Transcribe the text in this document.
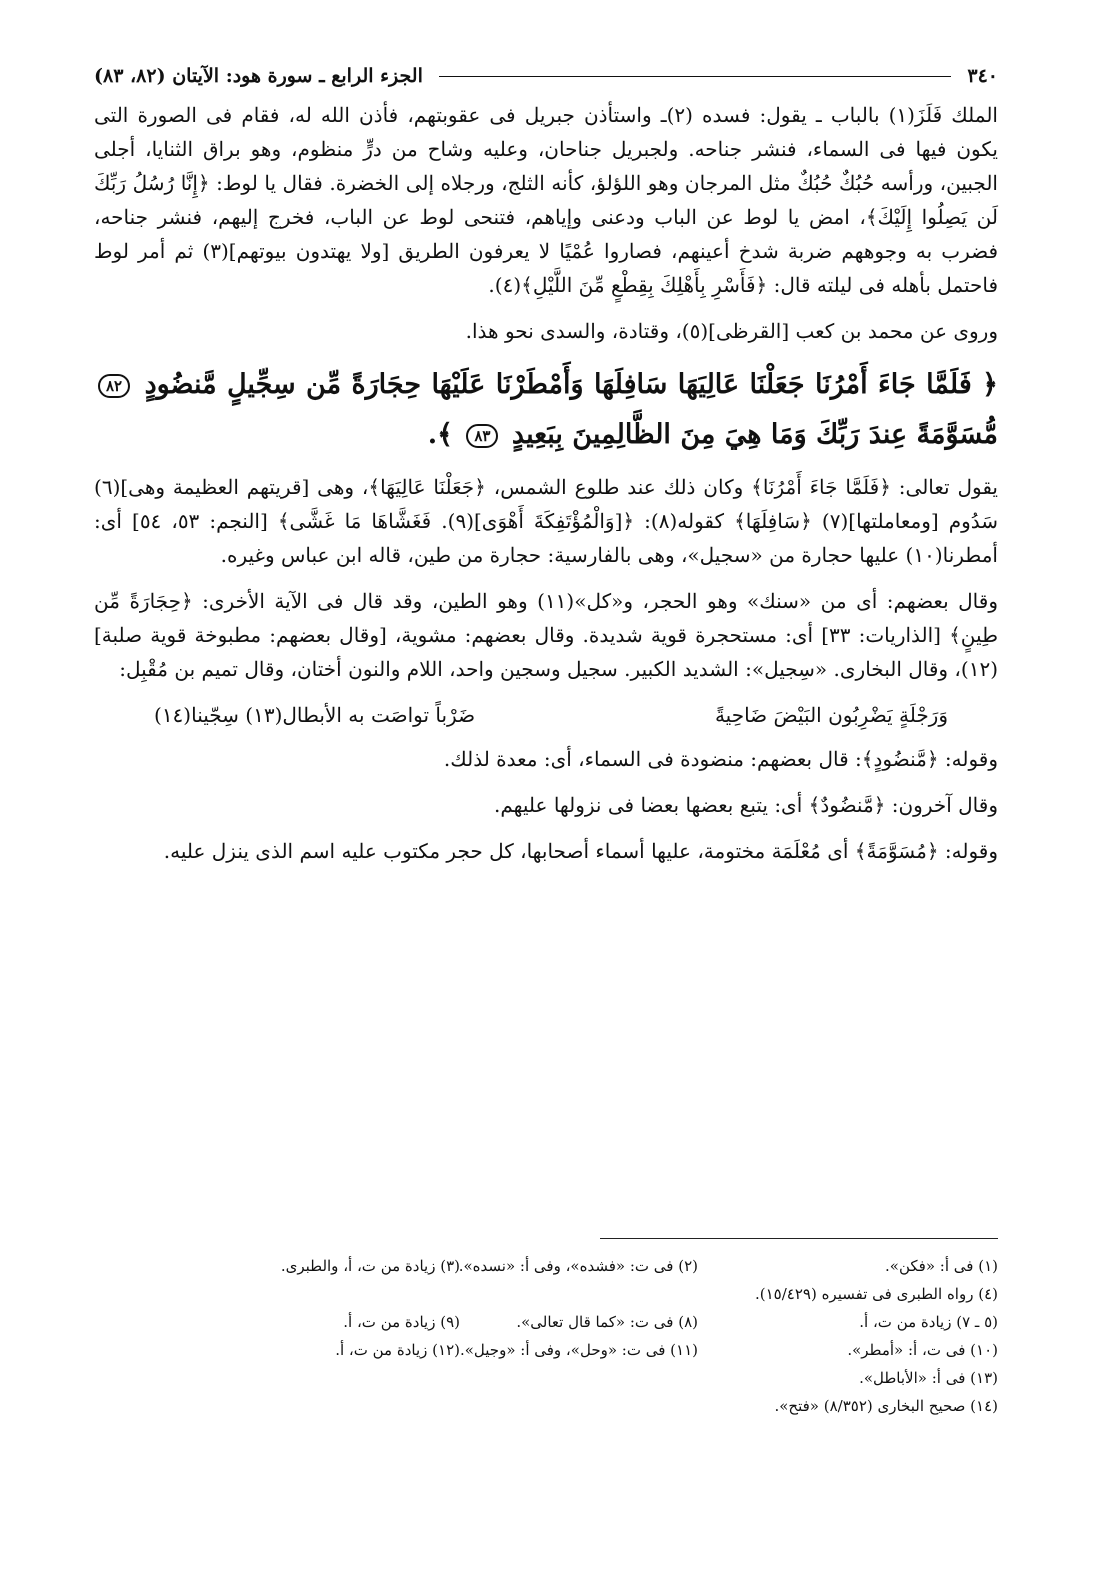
٣٤٠
الجزء الرابع ـ سورة هود: الآيتان (٨٢، ٨٣)

الملك فَلَزَ(١) بالباب ـ يقول: فسده (٢)ـ واستأذن جبريل فى عقوبتهم، فأذن الله له، فقام فى الصورة التى يكون فيها فى السماء، فنشر جناحه. ولجبريل جناحان، وعليه وشاح من درٍّ منظوم، وهو براق الثنايا، أجلى الجبين، ورأسه حُبُكٌ حُبُكٌ مثل المرجان وهو اللؤلؤ، كأنه الثلج، ورجلاه إلى الخضرة. فقال يا لوط: ﴿إِنَّا رُسُلُ رَبِّكَ لَن يَصِلُوا إِلَيْكَ﴾، امض يا لوط عن الباب ودعنى وإياهم، فتنحى لوط عن الباب، فخرج إليهم، فنشر جناحه، فضرب به وجوههم ضربة شدخ أعينهم، فصاروا عُمْيًا لا يعرفون الطريق [ولا يهتدون بيوتهم](٣) ثم أمر لوط فاحتمل بأهله فى ليلته قال: ﴿فَأَسْرِ بِأَهْلِكَ بِقِطْعٍ مِّنَ اللَّيْلِ﴾(٤).

وروى عن محمد بن كعب [القرظى](٥)، وقتادة، والسدى نحو هذا.

﴿ فَلَمَّا جَاءَ أَمْرُنَا جَعَلْنَا عَالِيَهَا سَافِلَهَا وَأَمْطَرْنَا عَلَيْهَا حِجَارَةً مِّن سِجِّيلٍ مَّنضُودٍ ٨٢ مُّسَوَّمَةً عِندَ رَبِّكَ وَمَا هِيَ مِنَ الظَّالِمِينَ بِبَعِيدٍ ٨٣ ﴾.

يقول تعالى: ﴿فَلَمَّا جَاءَ أَمْرُنَا﴾ وكان ذلك عند طلوع الشمس، ﴿جَعَلْنَا عَالِيَهَا﴾، وهى [قريتهم العظيمة وهى](٦) سَدُوم [ومعاملتها](٧) ﴿سَافِلَهَا﴾ كقوله(٨): ﴿[وَالْمُؤْتَفِكَةَ أَهْوَى](٩). فَغَشَّاهَا مَا غَشَّى﴾ [النجم: ٥٣، ٥٤] أى: أمطرنا(١٠) عليها حجارة من «سجيل»، وهى بالفارسية: حجارة من طين، قاله ابن عباس وغيره.

وقال بعضهم: أى من «سنك» وهو الحجر، و«كل»(١١) وهو الطين، وقد قال فى الآية الأخرى: ﴿حِجَارَةً مِّن طِينٍ﴾ [الذاريات: ٣٣] أى: مستحجرة قوية شديدة. وقال بعضهم: مشوية، [وقال بعضهم: مطبوخة قوية صلبة](١٢)، وقال البخارى. «سِجيل»: الشديد الكبير. سجيل وسجين واحد، اللام والنون أختان، وقال تميم بن مُقْبِل:

وَرَجْلَةٍ يَضْرِبُون البَيْضَ ضَاحِيةً
ضَرْباً تواصَت به الأبطال(١٣) سِجّينا(١٤)

وقوله: ﴿مَّنضُودٍ﴾: قال بعضهم: منضودة فى السماء، أى: معدة لذلك.

وقال آخرون: ﴿مَّنضُودٌ﴾ أى: يتبع بعضها بعضا فى نزولها عليهم.

وقوله: ﴿مُسَوَّمَةً﴾ أى مُعْلَمَة مختومة، عليها أسماء أصحابها، كل حجر مكتوب عليه اسم الذى ينزل عليه.

(١) فى أ: «فكن».
(٢) فى ت: «فشده»، وفى أ: «نسده».
(٣) زيادة من ت، أ، والطبرى.
(٤) رواه الطبرى فى تفسيره (١٥/٤٢٩).
(٥ ـ ٧) زيادة من ت، أ.
(٨) فى ت: «كما قال تعالى».
(٩) زيادة من ت، أ.
(١٠) فى ت، أ: «أمطر».
(١١) فى ت: «وحل»، وفى أ: «وجيل».
(١٢) زيادة من ت، أ.
(١٣) فى أ: «الأباطل».
(١٤) صحيح البخارى (٨/٣٥٢) «فتح».
